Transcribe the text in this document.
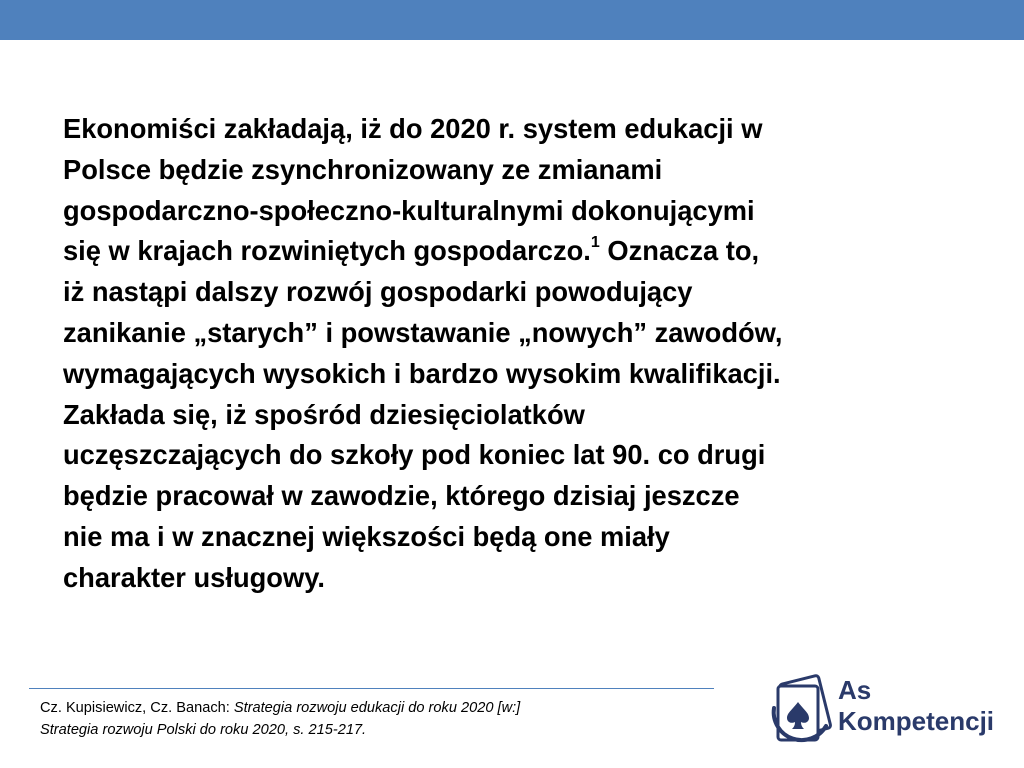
Ekonomiści zakładają, iż do 2020 r. system edukacji w
Polsce będzie zsynchronizowany ze zmianami
gospodarczno-społeczno-kulturalnymi dokonującymi
się w krajach rozwiniętych gospodarczo.$^1$ Oznacza to,
iż nastąpi dalszy rozwój gospodarki powodujący
zanikanie „starych” i powstawanie „nowych” zawodów,
wymagających wysokich i bardzo wysokim kwalifikacji.
Zakłada się, iż spośród dziesięciolatków
uczęszczających do szkoły pod koniec lat 90. co drugi
będzie pracował w zawodzie, którego dzisiaj jeszcze
nie ma i w znacznej większości będą one miały
charakter usługowy.
Cz. Kupisiewicz, Cz. Banach: Strategia rozwoju edukacji do roku 2020 [w:]
Strategia rozwoju Polski do roku 2020, s. 215-217.
As
Kompetencji
